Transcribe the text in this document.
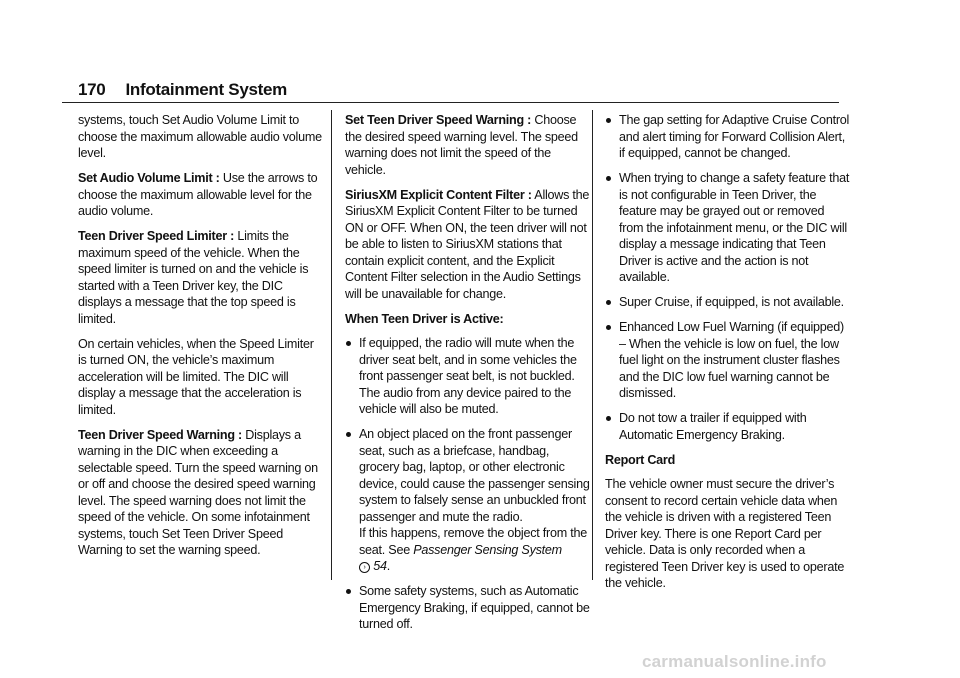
170 Infotainment System

systems, touch Set Audio Volume Limit to choose the maximum allowable audio volume level.

Set Audio Volume Limit : Use the arrows to choose the maximum allowable level for the audio volume.

Teen Driver Speed Limiter : Limits the maximum speed of the vehicle. When the speed limiter is turned on and the vehicle is started with a Teen Driver key, the DIC displays a message that the top speed is limited.

On certain vehicles, when the Speed Limiter is turned ON, the vehicle’s maximum acceleration will be limited. The DIC will display a message that the acceleration is limited.

Teen Driver Speed Warning : Displays a warning in the DIC when exceeding a selectable speed. Turn the speed warning on or off and choose the desired speed warning level. The speed warning does not limit the speed of the vehicle. On some infotainment systems, touch Set Teen Driver Speed Warning to set the warning speed.

Set Teen Driver Speed Warning : Choose the desired speed warning level. The speed warning does not limit the speed of the vehicle.

SiriusXM Explicit Content Filter : Allows the SiriusXM Explicit Content Filter to be turned ON or OFF. When ON, the teen driver will not be able to listen to SiriusXM stations that contain explicit content, and the Explicit Content Filter selection in the Audio Settings will be unavailable for change.

When Teen Driver is Active:

If equipped, the radio will mute when the driver seat belt, and in some vehicles the front passenger seat belt, is not buckled. The audio from any device paired to the vehicle will also be muted.
An object placed on the front passenger seat, such as a briefcase, handbag, grocery bag, laptop, or other electronic device, could cause the passenger sensing system to falsely sense an unbuckled front passenger and mute the radio.
If this happens, remove the object from the seat. See Passenger Sensing System
› 54.
Some safety systems, such as Automatic Emergency Braking, if equipped, cannot be turned off.
The gap setting for Adaptive Cruise Control and alert timing for Forward Collision Alert, if equipped, cannot be changed.
When trying to change a safety feature that is not configurable in Teen Driver, the feature may be grayed out or removed from the infotainment menu, or the DIC will display a message indicating that Teen Driver is active and the action is not available.
Super Cruise, if equipped, is not available.
Enhanced Low Fuel Warning (if equipped) – When the vehicle is low on fuel, the low fuel light on the instrument cluster flashes and the DIC low fuel warning cannot be dismissed.
Do not tow a trailer if equipped with Automatic Emergency Braking.

Report Card

The vehicle owner must secure the driver’s consent to record certain vehicle data when the vehicle is driven with a registered Teen Driver key. There is one Report Card per vehicle. Data is only recorded when a registered Teen Driver key is used to operate the vehicle.

carmanualsonline.info
